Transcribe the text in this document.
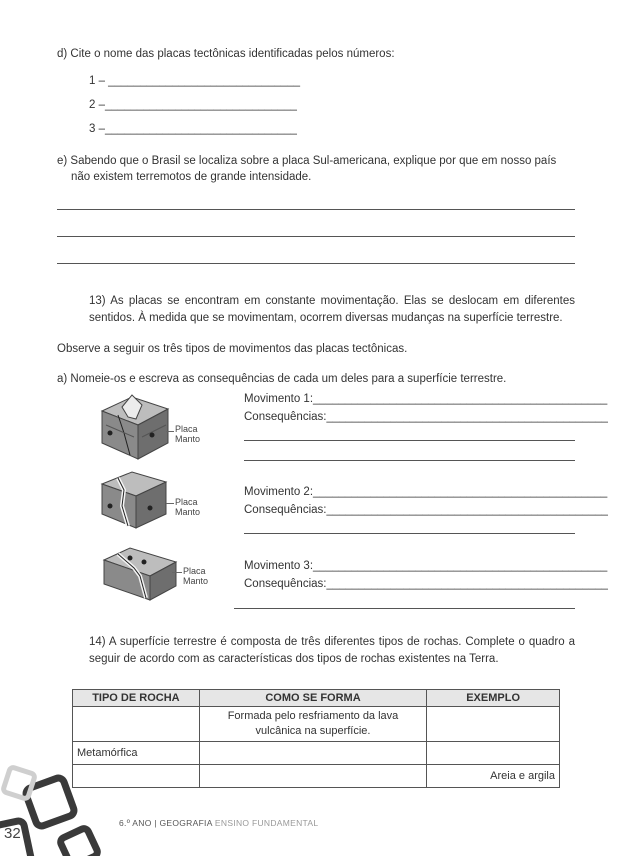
d) Cite o nome das placas tectônicas identificadas pelos números:
1 – ______________________________
2 –______________________________
3 –______________________________
e) Sabendo que o Brasil se localiza sobre a placa Sul-americana, explique por que em nosso país
não existem terremotos de grande intensidade.
13) As placas se encontram em constante movimentação. Elas se deslocam em diferentes sentidos. À medida que se movimentam, ocorrem diversas mudanças na superfície terrestre.
Observe a seguir os três tipos de movimentos das placas tectônicas.
a) Nomeie-os e escreva as consequências de cada um deles para a superfície terrestre.
Placa
Manto
Placa
Manto
Placa
Manto
Movimento 1:______________________________________________
Consequências:____________________________________________
Movimento 2:______________________________________________
Consequências:____________________________________________
Movimento 3:______________________________________________
Consequências:____________________________________________
14) A superfície terrestre é composta de três diferentes tipos de rochas. Complete o quadro a seguir de acordo com as características dos tipos de rochas existentes na Terra.
TIPO DE ROCHA	COMO SE FORMA	EXEMPLO
	Formada pelo resfriamento da lava vulcânica na superfície.	
Metamórfica		
		Areia e argila
32
6.º ANO | GEOGRAFIA ENSINO FUNDAMENTAL
